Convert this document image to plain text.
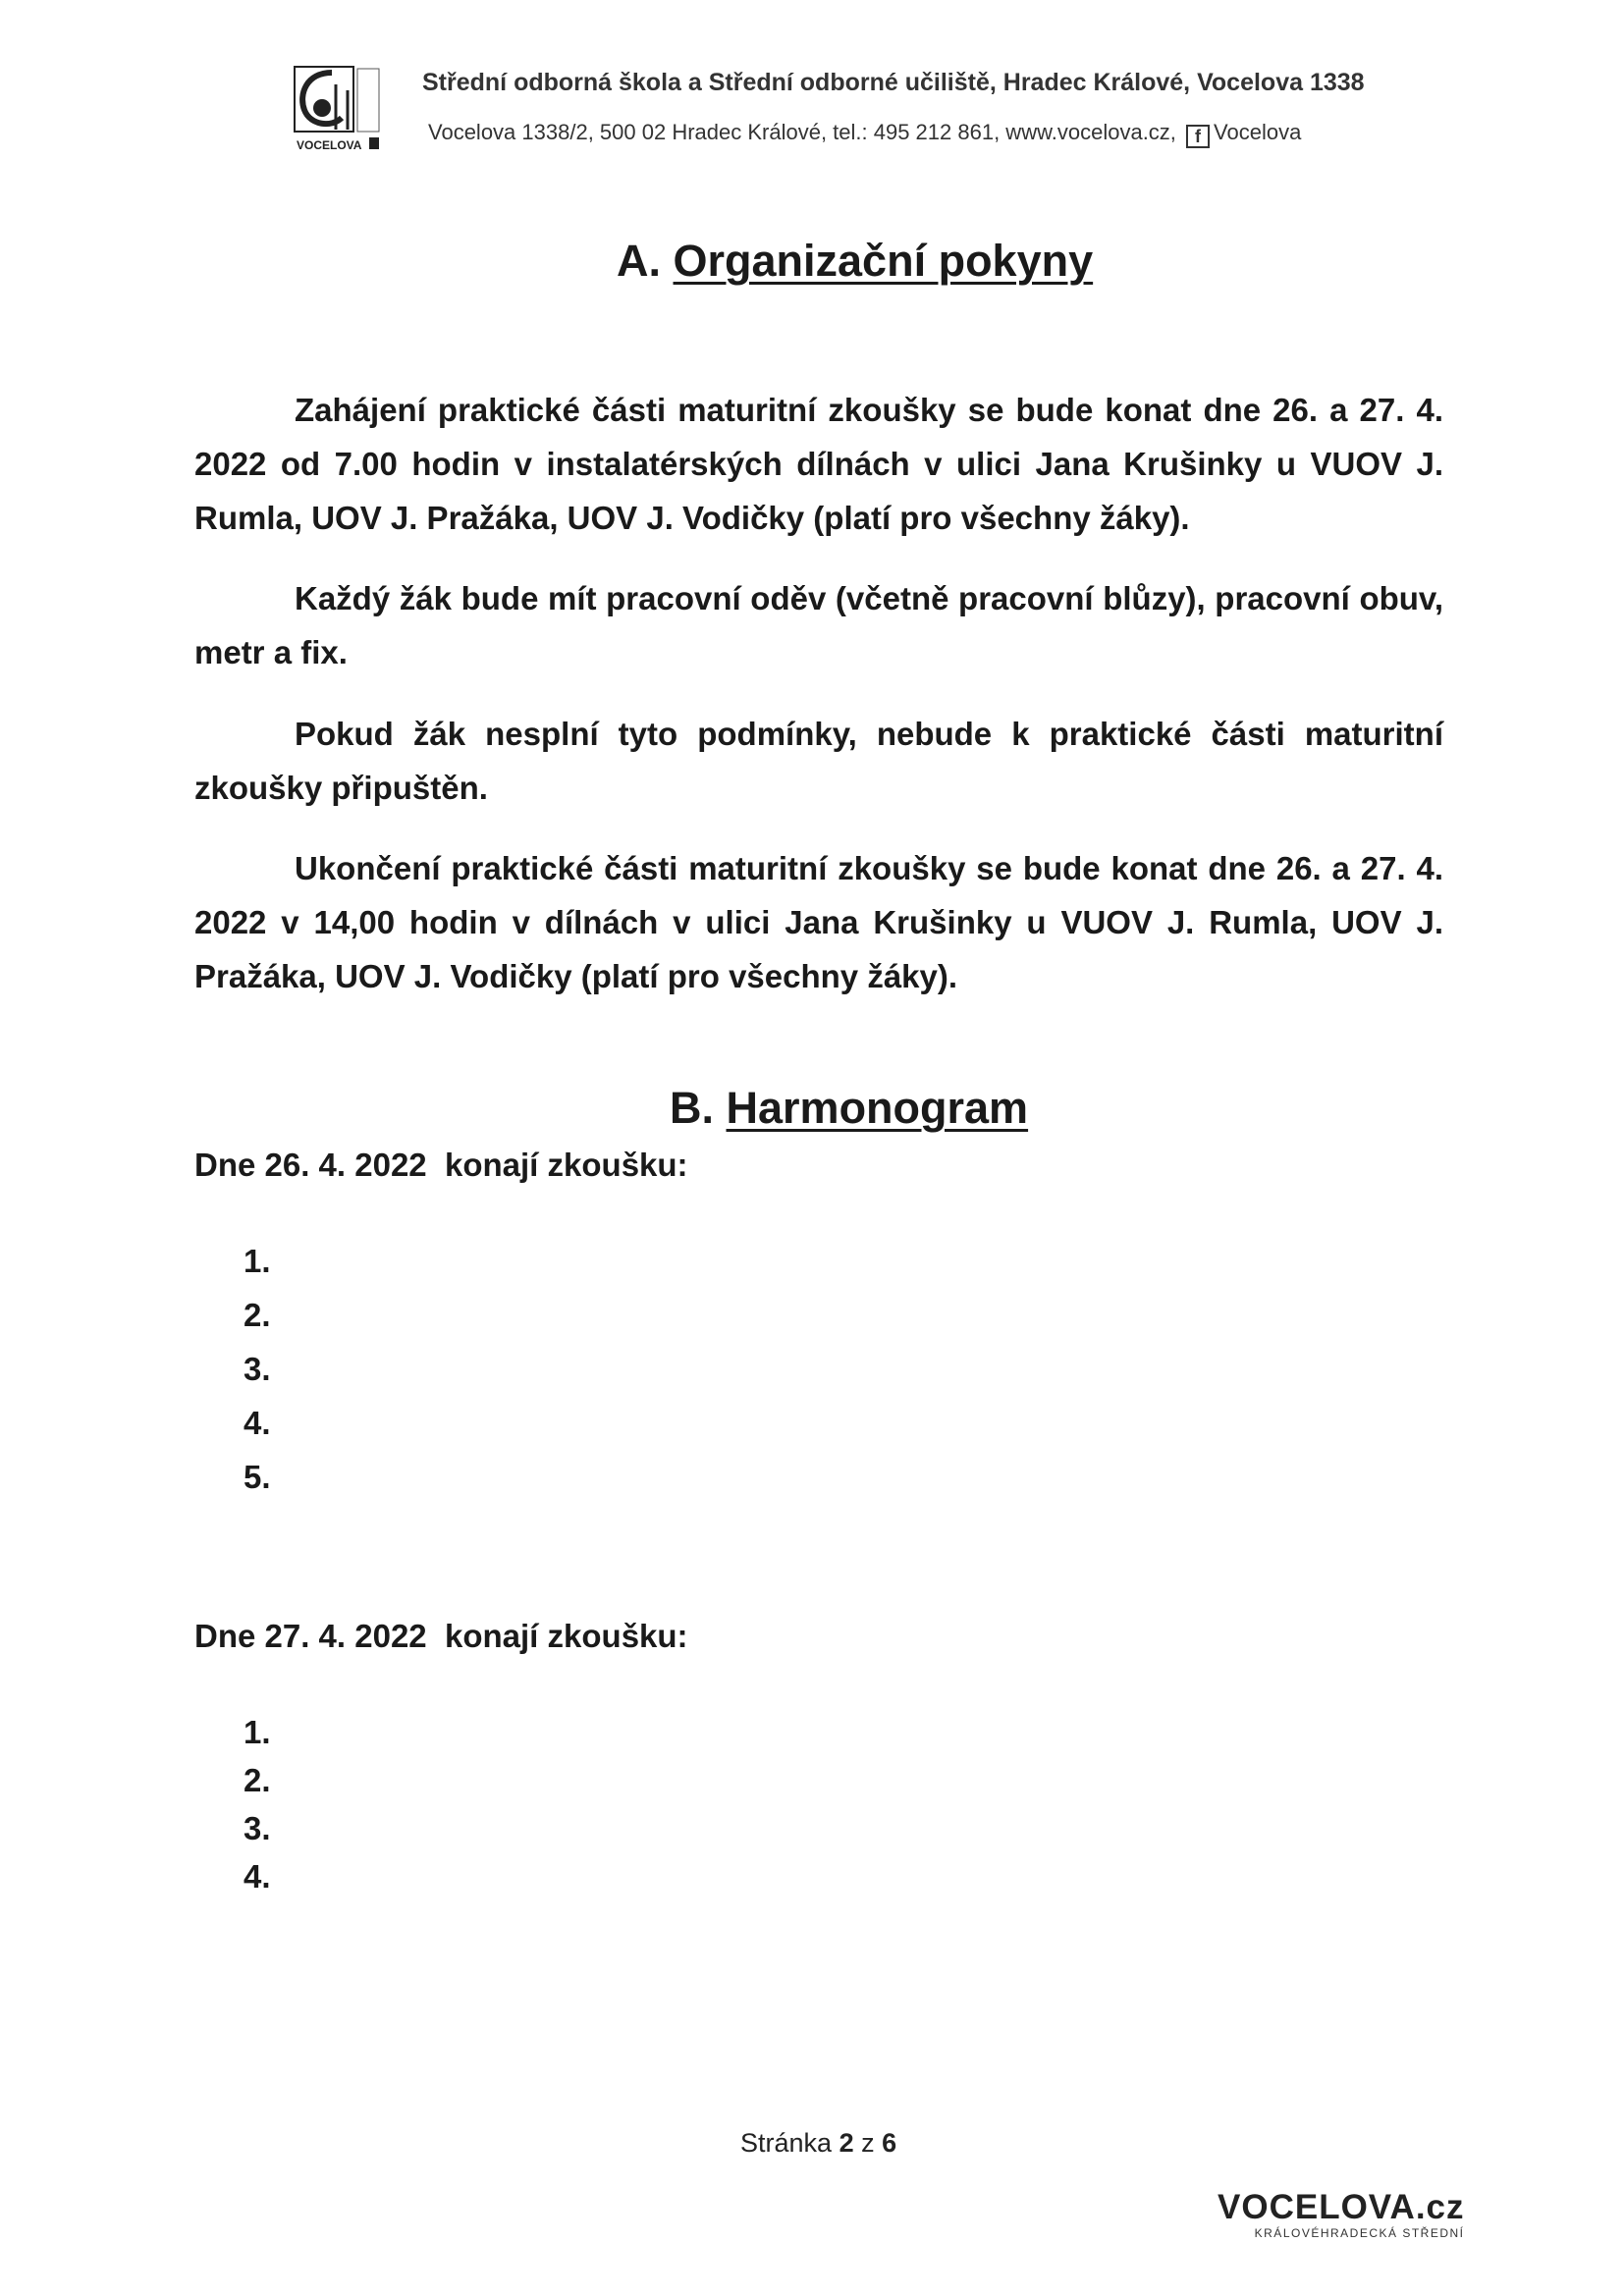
VOCELOVA
Střední odborná škola a Střední odborné učiliště, Hradec Králové, Vocelova 1338
Vocelova 1338/2, 500 02 Hradec Králové, tel.: 495 212 861, www.vocelova.cz, f Vocelova
A. Organizační pokyny

Zahájení praktické části maturitní zkoušky se bude konat dne 26. a 27. 4. 2022 od 7.00 hodin v instalatérských dílnách v ulici Jana Krušinky u VUOV J. Rumla, UOV J. Pražáka, UOV J. Vodičky (platí pro všechny žáky).

Každý žák bude mít pracovní oděv (včetně pracovní blůzy), pracovní obuv, metr a fix.

Pokud žák nesplní tyto podmínky, nebude k praktické části maturitní zkoušky připuštěn.

Ukončení praktické části maturitní zkoušky se bude konat dne 26. a 27. 4. 2022 v 14,00 hodin v dílnách v ulici Jana Krušinky u VUOV J. Rumla, UOV J. Pražáka, UOV J. Vodičky (platí pro všechny žáky).

B. Harmonogram
Dne 26. 4. 2022  konají zkoušku:
1.
2.
3.
4.
5.
Dne 27. 4. 2022  konají zkoušku:
1.
2.
3.
4.
Stránka 2 z 6
VOCELOVA.cz
KRÁLOVÉHRADECKÁ STŘEDNÍ
